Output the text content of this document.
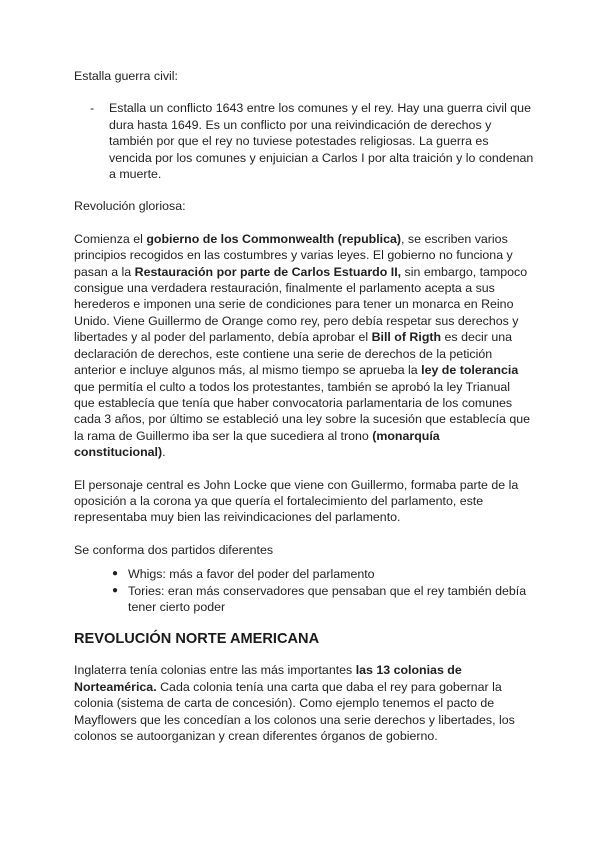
Estalla guerra civil:

- Estalla un conflicto 1643 entre los comunes y el rey. Hay una guerra civil que dura hasta 1649. Es un conflicto por una reivindicación de derechos y también por que el rey no tuviese potestades religiosas. La guerra es vencida por los comunes y enjuician a Carlos I por alta traición y lo condenan a muerte.

Revolución gloriosa:

Comienza el gobierno de los Commonwealth (republica), se escriben varios principios recogidos en las costumbres y varias leyes. El gobierno no funciona y pasan a la Restauración por parte de Carlos Estuardo II, sin embargo, tampoco consigue una verdadera restauración, finalmente el parlamento acepta a sus herederos e imponen una serie de condiciones para tener un monarca en Reino Unido. Viene Guillermo de Orange como rey, pero debía respetar sus derechos y libertades y al poder del parlamento, debía aprobar el Bill of Rigth es decir una declaración de derechos, este contiene una serie de derechos de la petición anterior e incluye algunos más, al mismo tiempo se aprueba la ley de tolerancia que permitía el culto a todos los protestantes, también se aprobó la ley Trianual que establecía que tenía que haber convocatoria parlamentaria de los comunes cada 3 años, por último se estableció una ley sobre la sucesión que establecía que la rama de Guillermo iba ser la que sucediera al trono (monarquía constitucional).

El personaje central es John Locke que viene con Guillermo, formaba parte de la oposición a la corona ya que quería el fortalecimiento del parlamento, este representaba muy bien las reivindicaciones del parlamento.

Se conforma dos partidos diferentes

● Whigs: más a favor del poder del parlamento
● Tories: eran más conservadores que pensaban que el rey también debía tener cierto poder
REVOLUCIÓN NORTE AMERICANA

Inglaterra tenía colonias entre las más importantes las 13 colonias de Norteamérica. Cada colonia tenía una carta que daba el rey para gobernar la colonia (sistema de carta de concesión). Como ejemplo tenemos el pacto de Mayflowers que les concedían a los colonos una serie derechos y libertades, los colonos se autoorganizan y crean diferentes órganos de gobierno.
